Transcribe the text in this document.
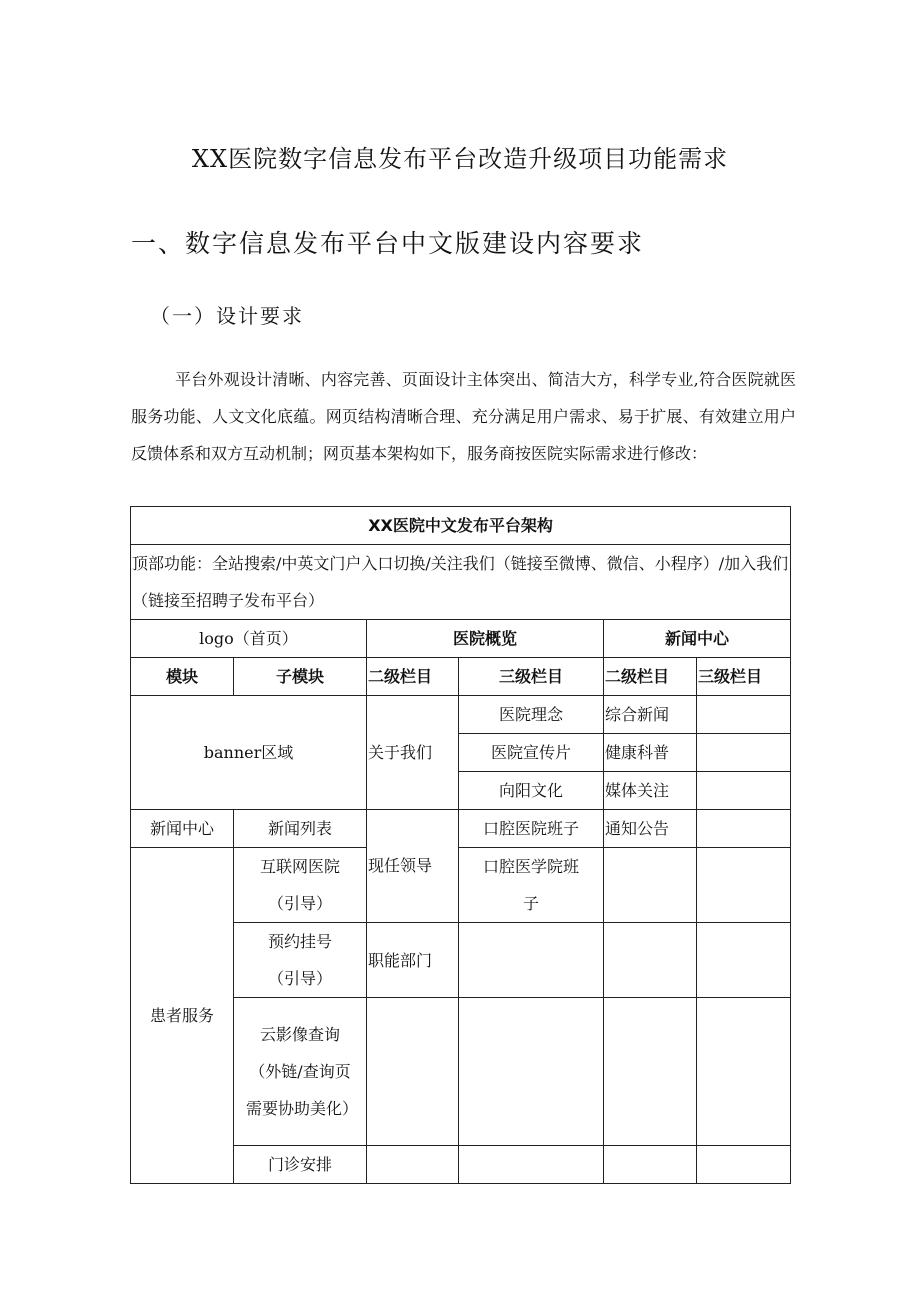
XX医院数字信息发布平台改造升级项目功能需求
一、数字信息发布平台中文版建设内容要求
（一）设计要求

平台外观设计清晰、内容完善、页面设计主体突出、简洁大方，科学专业,符合医院就医服务功能、人文文化底蕴。网页结构清晰合理、充分满足用户需求、易于扩展、有效建立用户反馈体系和双方互动机制；网页基本架构如下，服务商按医院实际需求进行修改：

XX医院中文发布平台架构					
顶部功能：全站搜索/中英文门户入口切换/关注我们（链接至微博、微信、小程序）/加入我们（链接至招聘子发布平台）					
logo（首页）		医院概览		新闻中心	
模块	子模块	二级栏目	三级栏目	二级栏目	三级栏目
banner区域		关于我们	医院理念	综合新闻	
			医院宣传片	健康科普	
			向阳文化	媒体关注	
新闻中心	新闻列表	现任领导	口腔医院班子	通知公告	
患者服务	互联网医院（引导）		口腔医学院班子		
	预约挂号（引导）	职能部门			
	云影像查询（外链/查询页需要协助美化）				
	门诊安排				
